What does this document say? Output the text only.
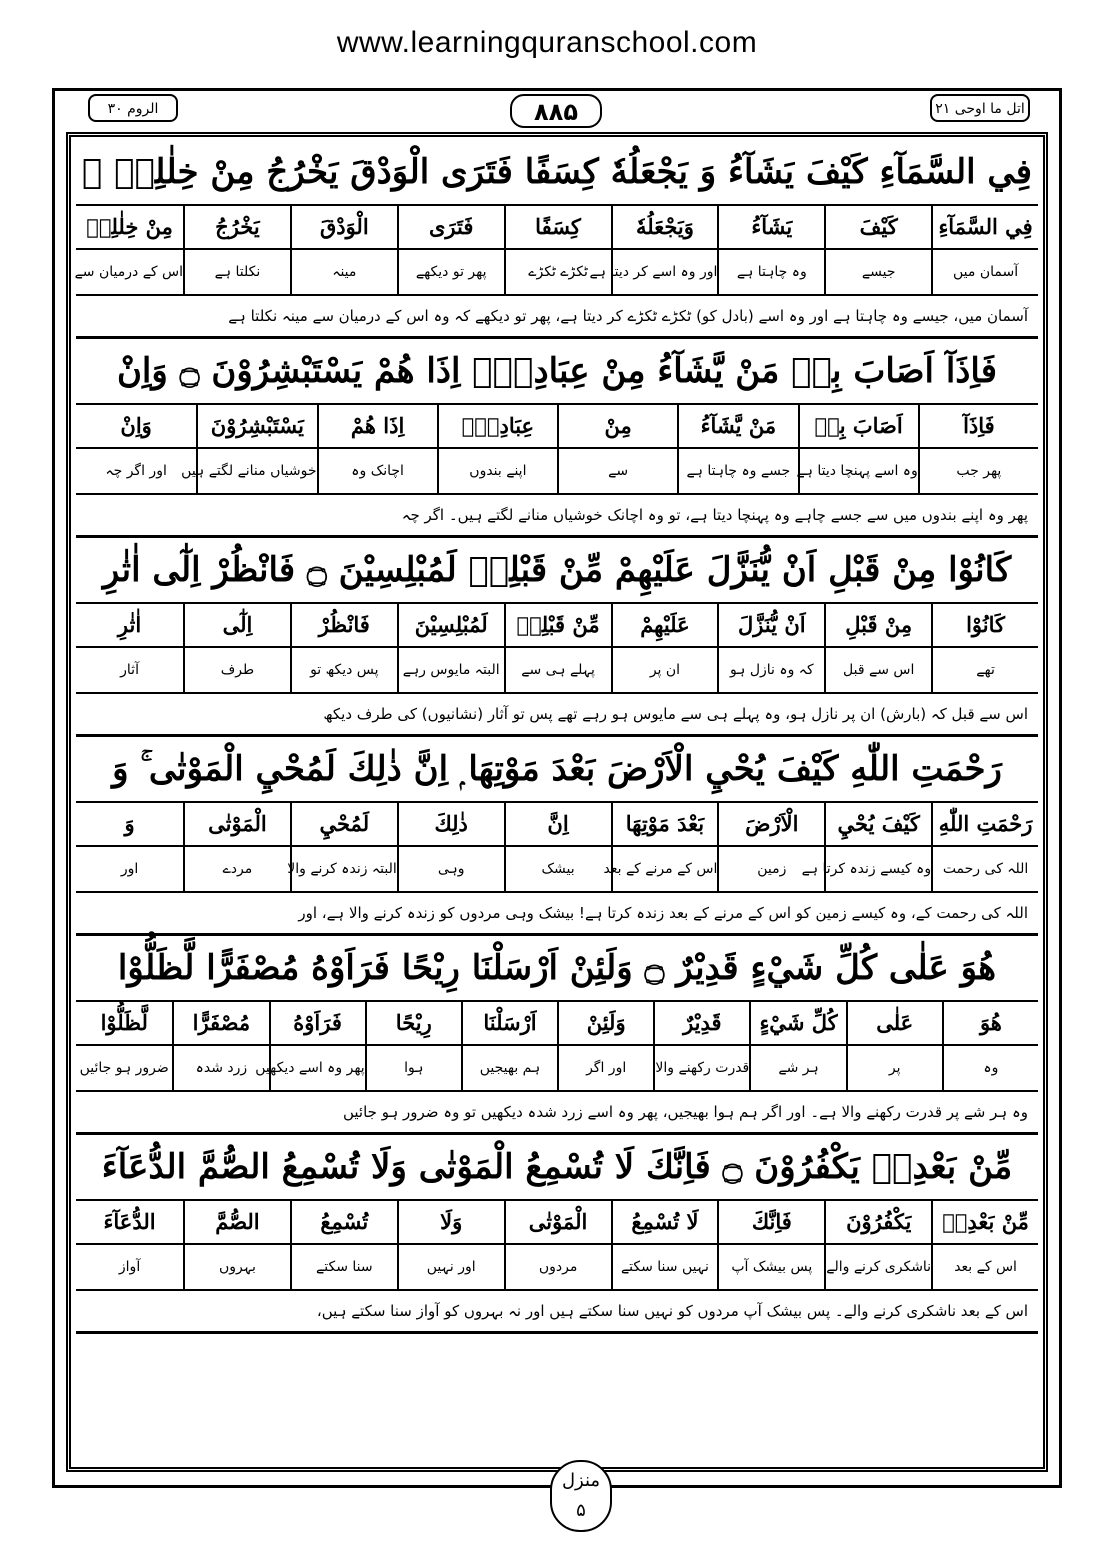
www.learningquranschool.com
الروم ۳۰	۸۸۵	اتل ما اوحی ۲۱
فِي السَّمَآءِ كَيْفَ يَشَآءُ وَ يَجْعَلُهٗ كِسَفًا فَتَرَى الْوَدْقَ يَخْرُجُ مِنْ خِلٰلِهٖ ۚ
فِي السَّمَآءِ
كَيْفَ
يَشَآءُ
وَيَجْعَلُهٗ
كِسَفًا
فَتَرَى
الْوَدْقَ
يَخْرُجُ
مِنْ خِلٰلِهٖ
آسمان میں
جیسے
وہ چاہتا ہے
اور وہ اسے کر دیتا ہے
ٹکڑے ٹکڑے
پھر تو دیکھے
مینہ
نکلتا ہے
اس کے درمیان سے
آسمان میں، جیسے وہ چاہتا ہے اور وہ اسے (بادل کو) ٹکڑے ٹکڑے کر دیتا ہے، پھر تو دیکھے کہ وہ اس کے درمیان سے مینہ نکلتا ہے
فَاِذَآ اَصَابَ بِهٖ مَنْ يَّشَآءُ مِنْ عِبَادِهٖٓ اِذَا هُمْ يَسْتَبْشِرُوْنَ ۝ وَاِنْ
فَاِذَآ
اَصَابَ بِهٖ
مَنْ يَّشَآءُ
مِنْ
عِبَادِهٖٓ
اِذَا هُمْ
يَسْتَبْشِرُوْنَ
وَاِنْ
پھر جب
وہ اسے پہنچا دیتا ہے
جسے وہ چاہتا ہے
سے
اپنے بندوں
اچانک وہ
خوشیاں منانے لگتے ہیں
اور اگر چہ
پھر وہ اپنے بندوں میں سے جسے چاہے وہ پہنچا دیتا ہے، تو وہ اچانک خوشیاں منانے لگتے ہیں۔ اگر چہ
كَانُوْا مِنْ قَبْلِ اَنْ يُّنَزَّلَ عَلَيْهِمْ مِّنْ قَبْلِهٖ لَمُبْلِسِيْنَ ۝ فَانْظُرْ اِلٰٓى اٰثٰرِ
كَانُوْا
مِنْ قَبْلِ
اَنْ يُّنَزَّلَ
عَلَيْهِمْ
مِّنْ قَبْلِهٖ
لَمُبْلِسِيْنَ
فَانْظُرْ
اِلٰٓى
اٰثٰرِ
تھے
اس سے قبل
کہ وہ نازل ہو
ان پر
پہلے ہی سے
البتہ مایوس رہے
پس دیکھ تو
طرف
آثار
اس سے قبل کہ (بارش) ان پر نازل ہو، وہ پہلے ہی سے مایوس ہو رہے تھے پس تو آثار (نشانیوں) کی طرف دیکھ
رَحْمَتِ اللّٰهِ كَيْفَ يُحْيِ الْاَرْضَ بَعْدَ مَوْتِهَا ۭ اِنَّ ذٰلِكَ لَمُحْيِ الْمَوْتٰى ۚ وَ
رَحْمَتِ اللّٰهِ
كَيْفَ يُحْيِ
الْاَرْضَ
بَعْدَ مَوْتِهَا
اِنَّ
ذٰلِكَ
لَمُحْيِ
الْمَوْتٰى
وَ
اللہ کی رحمت
وہ کیسے زندہ کرتا ہے
زمین
اس کے مرنے کے بعد
بیشک
وہی
البتہ زندہ کرنے والا
مردے
اور
اللہ کی رحمت کے، وہ کیسے زمین کو اس کے مرنے کے بعد زندہ کرتا ہے! بیشک وہی مردوں کو زندہ کرنے والا ہے، اور
هُوَ عَلٰى كُلِّ شَيْءٍ قَدِيْرٌ ۝ وَلَئِنْ اَرْسَلْنَا رِيْحًا فَرَاَوْهُ مُصْفَرًّا لَّظَلُّوْا
هُوَ
عَلٰى
كُلِّ شَيْءٍ
قَدِيْرٌ
وَلَئِنْ
اَرْسَلْنَا
رِيْحًا
فَرَاَوْهُ
مُصْفَرًّا
لَّظَلُّوْا
وہ
پر
ہر شے
قدرت رکھنے والا
اور اگر
ہم بھیجیں
ہوا
پھر وہ اسے دیکھیں
زرد شدہ
ضرور ہو جائیں
وہ ہر شے پر قدرت رکھنے والا ہے۔ اور اگر ہم ہوا بھیجیں، پھر وہ اسے زرد شدہ دیکھیں تو وہ ضرور ہو جائیں
مِّنْ بَعْدِهٖ يَكْفُرُوْنَ ۝ فَاِنَّكَ لَا تُسْمِعُ الْمَوْتٰى وَلَا تُسْمِعُ الصُّمَّ الدُّعَآءَ
مِّنْ بَعْدِهٖ
يَكْفُرُوْنَ
فَاِنَّكَ
لَا تُسْمِعُ
الْمَوْتٰى
وَلَا
تُسْمِعُ
الصُّمَّ
الدُّعَآءَ
اس کے بعد
ناشکری کرنے والے
پس بیشک آپ
نہیں سنا سکتے
مردوں
اور نہیں
سنا سکتے
بہروں
آواز
اس کے بعد ناشکری کرنے والے۔ پس بیشک آپ مردوں کو نہیں سنا سکتے ہیں اور نہ بہروں کو آواز سنا سکتے ہیں،
منزل
۵
